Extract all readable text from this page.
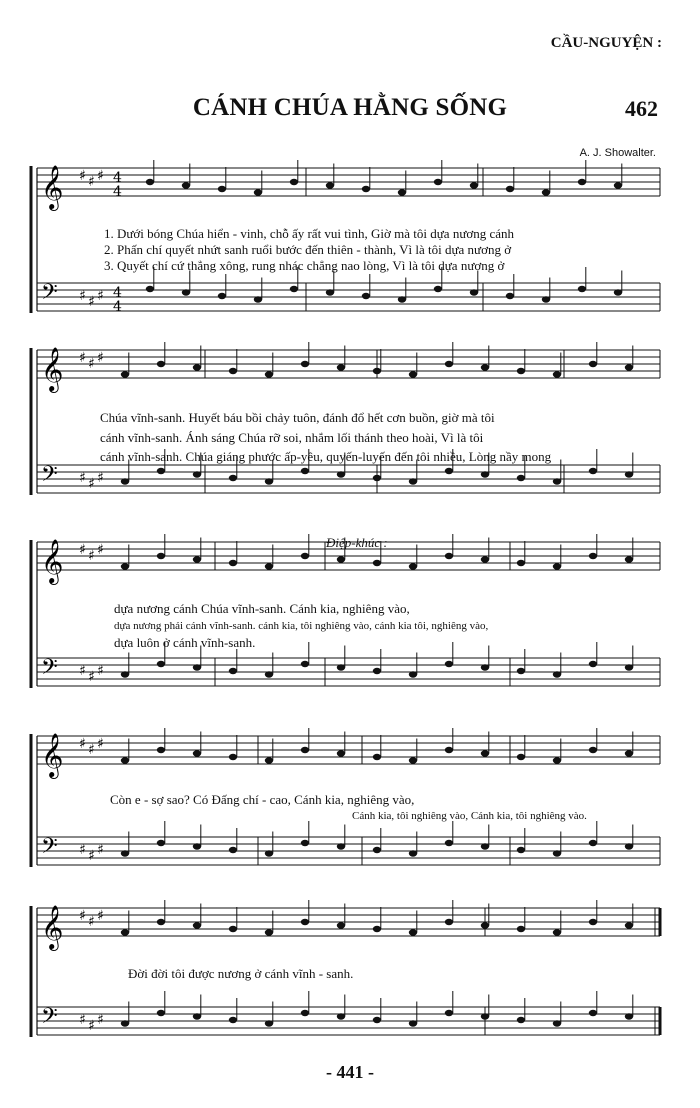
CẦU-NGUYỆN :
CÁNH CHÚA HẰNG SỐNG	462
A. J. Showalter.
𝄞 ♯ ♯ ♯ 4
4
𝄢 ♯ ♯ ♯ 4
4
𝄞 ♯ ♯ ♯
𝄢 ♯ ♯ ♯
𝄞 ♯ ♯ ♯
𝄢 ♯ ♯ ♯
𝄞 ♯ ♯ ♯
𝄢 ♯ ♯ ♯
𝄞 ♯ ♯ ♯
𝄢 ♯ ♯ ♯
1. Dưới bóng Chúa hiển - vinh, chỗ ấy rất vui tình, Giờ mà tôi dựa nương cánh
2. Phấn chí quyết nhứt sanh ruổi bước đến thiên - thành, Vì là tôi dựa nương ở
3. Quyết chí cứ thẳng xông, rung nhác chẳng nao lòng, Vì là tôi dựa nương ở
Chúa vĩnh-sanh. Huyết báu bồi chảy tuôn, đánh đổ hết cơn buồn, giờ mà tôi
cánh vĩnh-sanh. Ánh sáng Chúa rỡ soi, nhắm lối thánh theo hoài, Vì là tôi
cánh vĩnh-sanh. Chúa giáng phước ấp-yêu, quyến-luyến đến tôi nhiều, Lòng nầy mong
Điệp-khúc :
dựa nương cánh Chúa vĩnh-sanh. Cánh kia, nghiêng vào,
dựa nương phải cánh vĩnh-sanh. cánh kia, tôi nghiêng vào, cánh kia tôi, nghiêng vào,
dựa luôn ở cánh vĩnh-sanh.
Còn e - sợ sao? Có Đấng chí - cao, Cánh kia, nghiêng vào,
Cánh kia, tôi nghiêng vào, Cánh kia, tôi nghiêng vào.
Đời đời tôi được nương ở cánh vĩnh - sanh.
- 441 -
